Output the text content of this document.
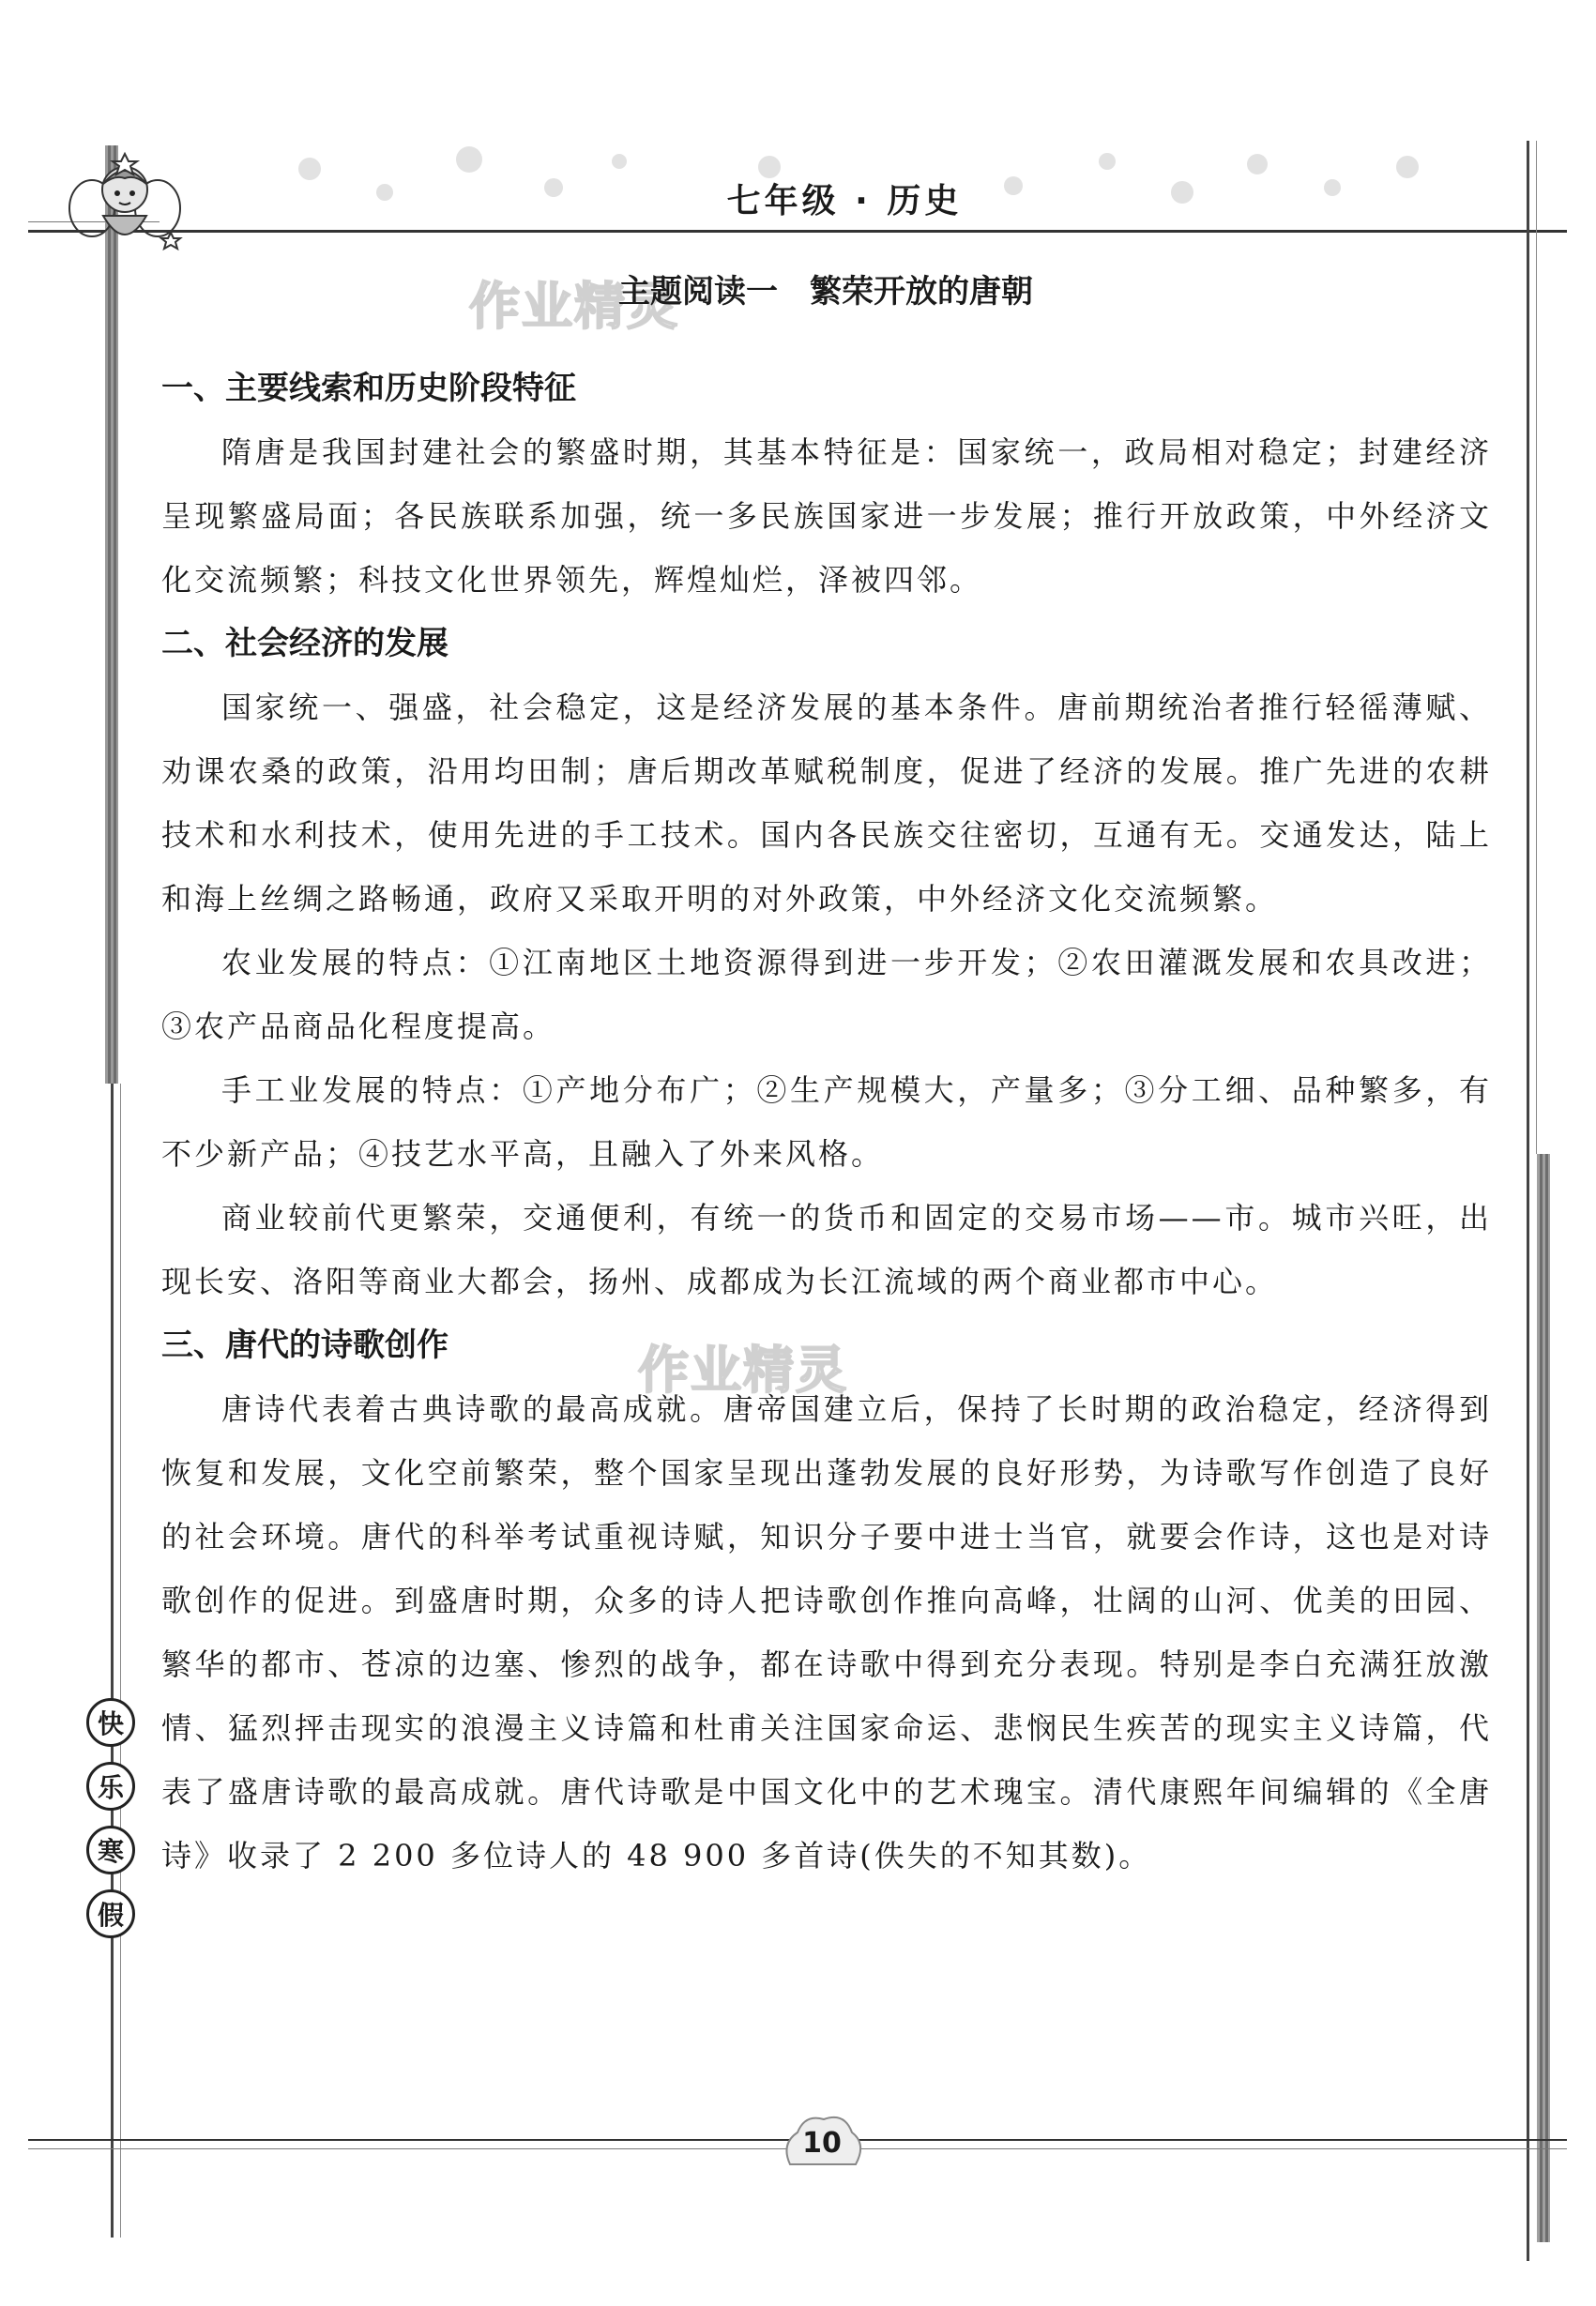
七年级 · 历史
作业精灵
作业精灵
主题阅读一　繁荣开放的唐朝
一、主要线索和历史阶段特征

隋唐是我国封建社会的繁盛时期，其基本特征是：国家统一，政局相对稳定；封建经济呈现繁盛局面；各民族联系加强，统一多民族国家进一步发展；推行开放政策，中外经济文化交流频繁；科技文化世界领先，辉煌灿烂，泽被四邻。

二、社会经济的发展

国家统一、强盛，社会稳定，这是经济发展的基本条件。唐前期统治者推行轻徭薄赋、劝课农桑的政策，沿用均田制；唐后期改革赋税制度，促进了经济的发展。推广先进的农耕技术和水利技术，使用先进的手工技术。国内各民族交往密切，互通有无。交通发达，陆上和海上丝绸之路畅通，政府又采取开明的对外政策，中外经济文化交流频繁。

农业发展的特点：①江南地区土地资源得到进一步开发；②农田灌溉发展和农具改进；③农产品商品化程度提高。

手工业发展的特点：①产地分布广；②生产规模大，产量多；③分工细、品种繁多，有不少新产品；④技艺水平高，且融入了外来风格。

商业较前代更繁荣，交通便利，有统一的货币和固定的交易市场——市。城市兴旺，出现长安、洛阳等商业大都会，扬州、成都成为长江流域的两个商业都市中心。

三、唐代的诗歌创作

唐诗代表着古典诗歌的最高成就。唐帝国建立后，保持了长时期的政治稳定，经济得到恢复和发展，文化空前繁荣，整个国家呈现出蓬勃发展的良好形势，为诗歌写作创造了良好的社会环境。唐代的科举考试重视诗赋，知识分子要中进士当官，就要会作诗，这也是对诗歌创作的促进。到盛唐时期，众多的诗人把诗歌创作推向高峰，壮阔的山河、优美的田园、繁华的都市、苍凉的边塞、惨烈的战争，都在诗歌中得到充分表现。特别是李白充满狂放激情、猛烈抨击现实的浪漫主义诗篇和杜甫关注国家命运、悲悯民生疾苦的现实主义诗篇，代表了盛唐诗歌的最高成就。唐代诗歌是中国文化中的艺术瑰宝。清代康熙年间编辑的《全唐诗》收录了 2 200 多位诗人的 48 900 多首诗(佚失的不知其数)。

快
乐
寒
假
10
